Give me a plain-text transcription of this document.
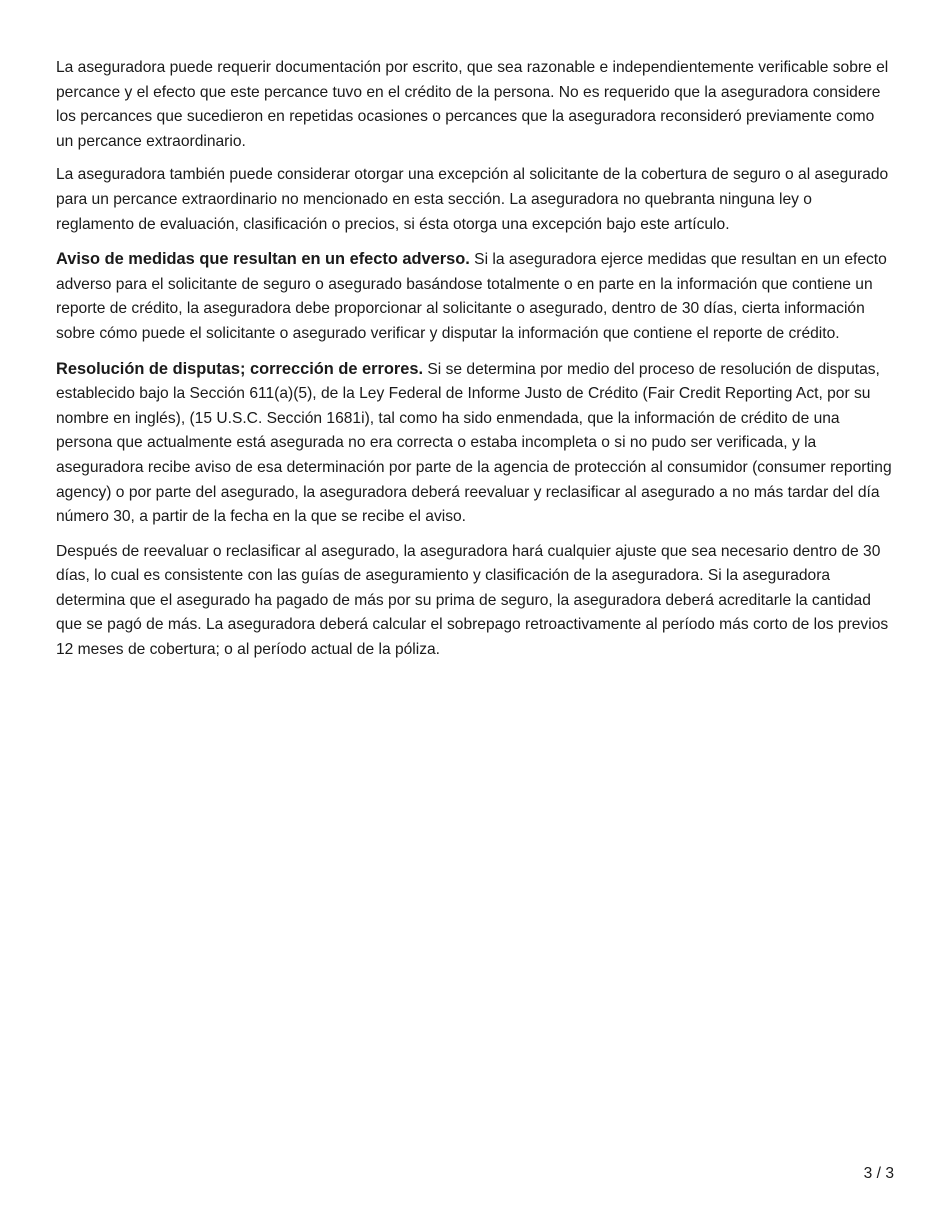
La aseguradora puede requerir documentación por escrito, que sea razonable e independientemente verificable sobre el percance y el efecto que este percance tuvo en el crédito de la persona. No es requerido que la aseguradora considere los percances que sucedieron en repetidas ocasiones o percances que la aseguradora reconsideró previamente como un percance extraordinario.

La aseguradora también puede considerar otorgar una excepción al solicitante de la cobertura de seguro o al asegurado para un percance extraordinario no mencionado en esta sección. La aseguradora no quebranta ninguna ley o reglamento de evaluación, clasificación o precios, si ésta otorga una excepción bajo este artículo.

Aviso de medidas que resultan en un efecto adverso. Si la aseguradora ejerce medidas que resultan en un efecto adverso para el solicitante de seguro o asegurado basándose totalmente o en parte en la información que contiene un reporte de crédito, la aseguradora debe proporcionar al solicitante o asegurado, dentro de 30 días, cierta información sobre cómo puede el solicitante o asegurado verificar y disputar la información que contiene el reporte de crédito.

Resolución de disputas; corrección de errores. Si se determina por medio del proceso de resolución de disputas, establecido bajo la Sección 611(a)(5), de la Ley Federal de Informe Justo de Crédito (Fair Credit Reporting Act, por su nombre en inglés), (15 U.S.C. Sección 1681i), tal como ha sido enmendada, que la información de crédito de una persona que actualmente está asegurada no era correcta o estaba incompleta o si no pudo ser verificada, y la aseguradora recibe aviso de esa determinación por parte de la agencia de protección al consumidor (consumer reporting agency) o por parte del asegurado, la aseguradora deberá reevaluar y reclasificar al asegurado a no más tardar del día número 30, a partir de la fecha en la que se recibe el aviso.

Después de reevaluar o reclasificar al asegurado, la aseguradora hará cualquier ajuste que sea necesario dentro de 30 días, lo cual es consistente con las guías de aseguramiento y clasificación de la aseguradora. Si la aseguradora determina que el asegurado ha pagado de más por su prima de seguro, la aseguradora deberá acreditarle la cantidad que se pagó de más. La aseguradora deberá calcular el sobrepago retroactivamente al período más corto de los previos 12 meses de cobertura; o al período actual de la póliza.

3 / 3
